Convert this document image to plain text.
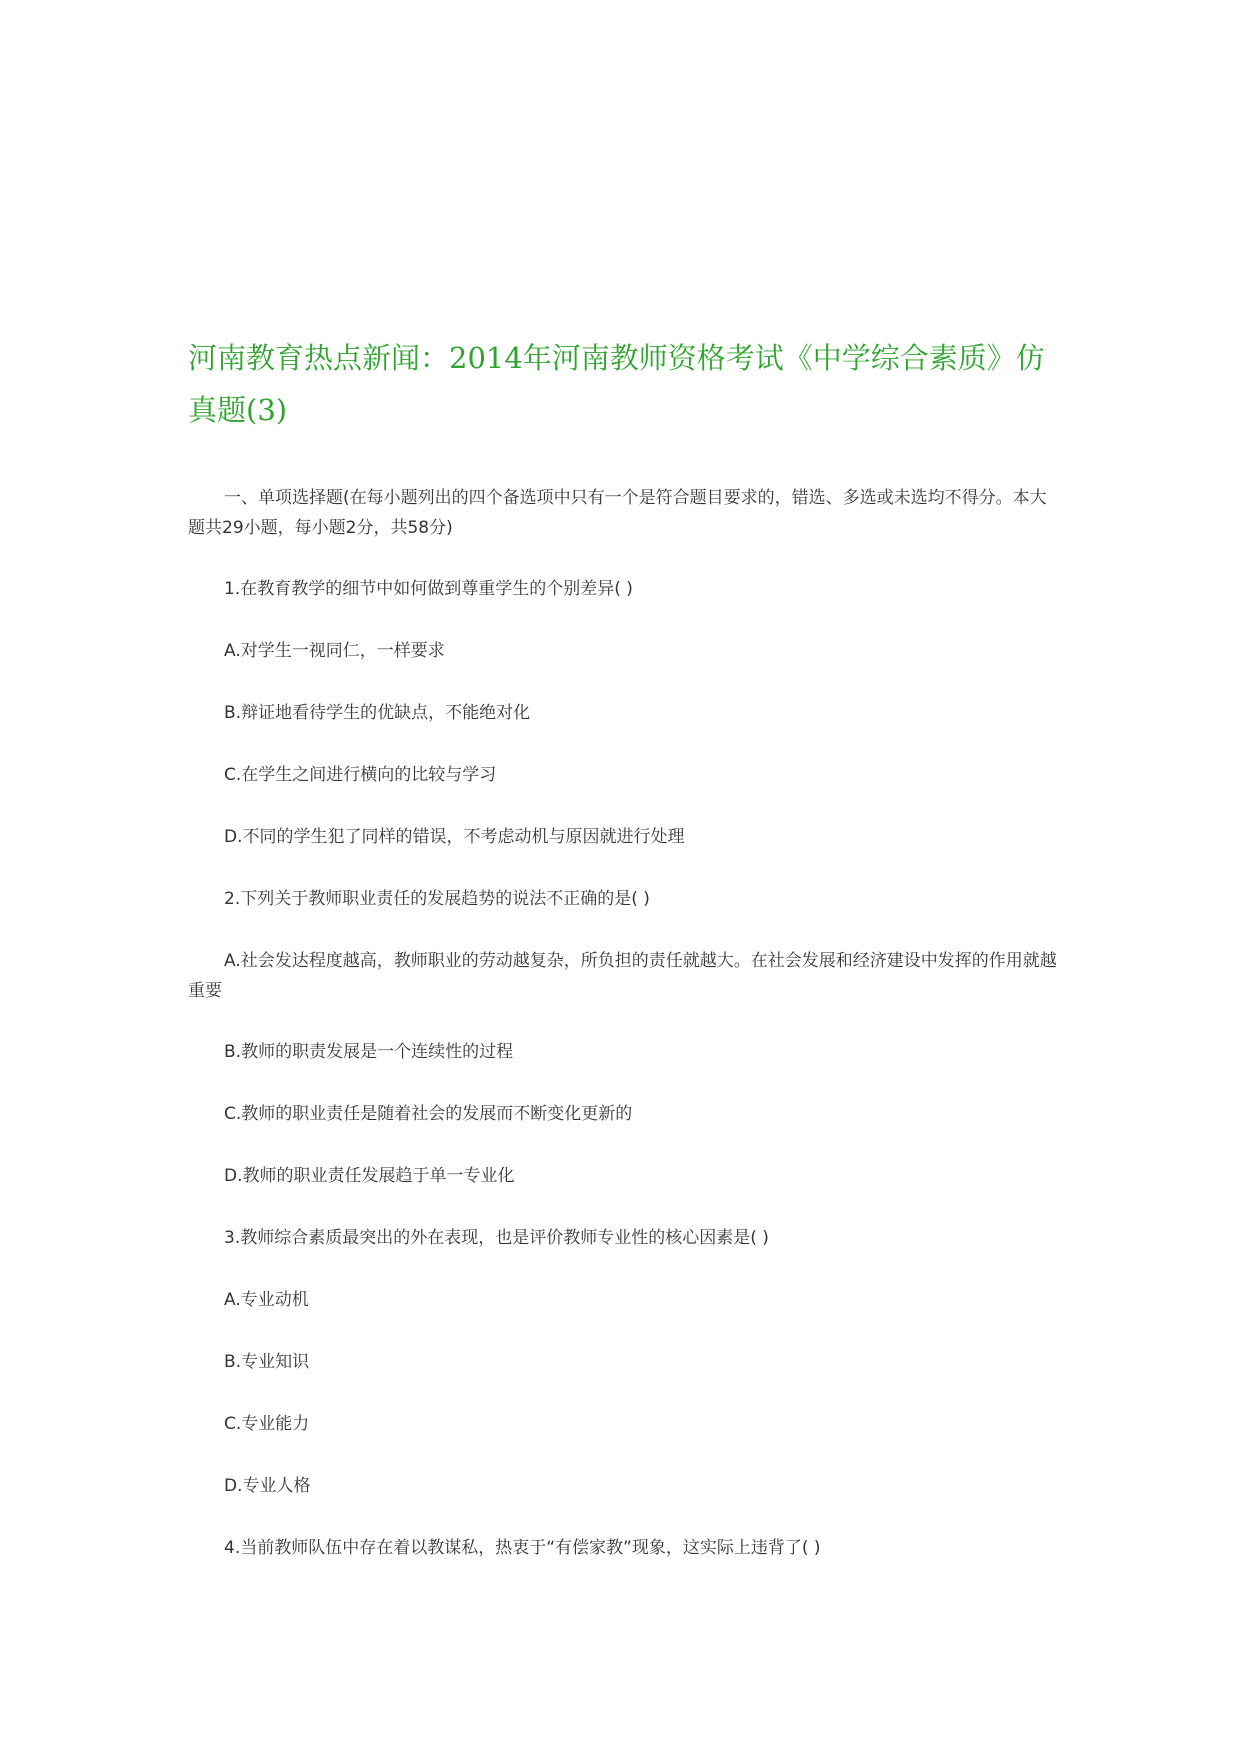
河南教育热点新闻：2014年河南教师资格考试《中学综合素质》仿真题(3)

一、单项选择题(在每小题列出的四个备选项中只有一个是符合题目要求的，错选、多选或未选均不得分。本大题共29小题，每小题2分，共58分)

1.在教育教学的细节中如何做到尊重学生的个别差异( )

A.对学生一视同仁，一样要求

B.辩证地看待学生的优缺点，不能绝对化

C.在学生之间进行横向的比较与学习

D.不同的学生犯了同样的错误，不考虑动机与原因就进行处理

2.下列关于教师职业责任的发展趋势的说法不正确的是( )

A.社会发达程度越高，教师职业的劳动越复杂，所负担的责任就越大。在社会发展和经济建设中发挥的作用就越重要

B.教师的职责发展是一个连续性的过程

C.教师的职业责任是随着社会的发展而不断变化更新的

D.教师的职业责任发展趋于单一专业化

3.教师综合素质最突出的外在表现，也是评价教师专业性的核心因素是( )

A.专业动机

B.专业知识

C.专业能力

D.专业人格

4.当前教师队伍中存在着以教谋私，热衷于“有偿家教”现象，这实际上违背了( )
